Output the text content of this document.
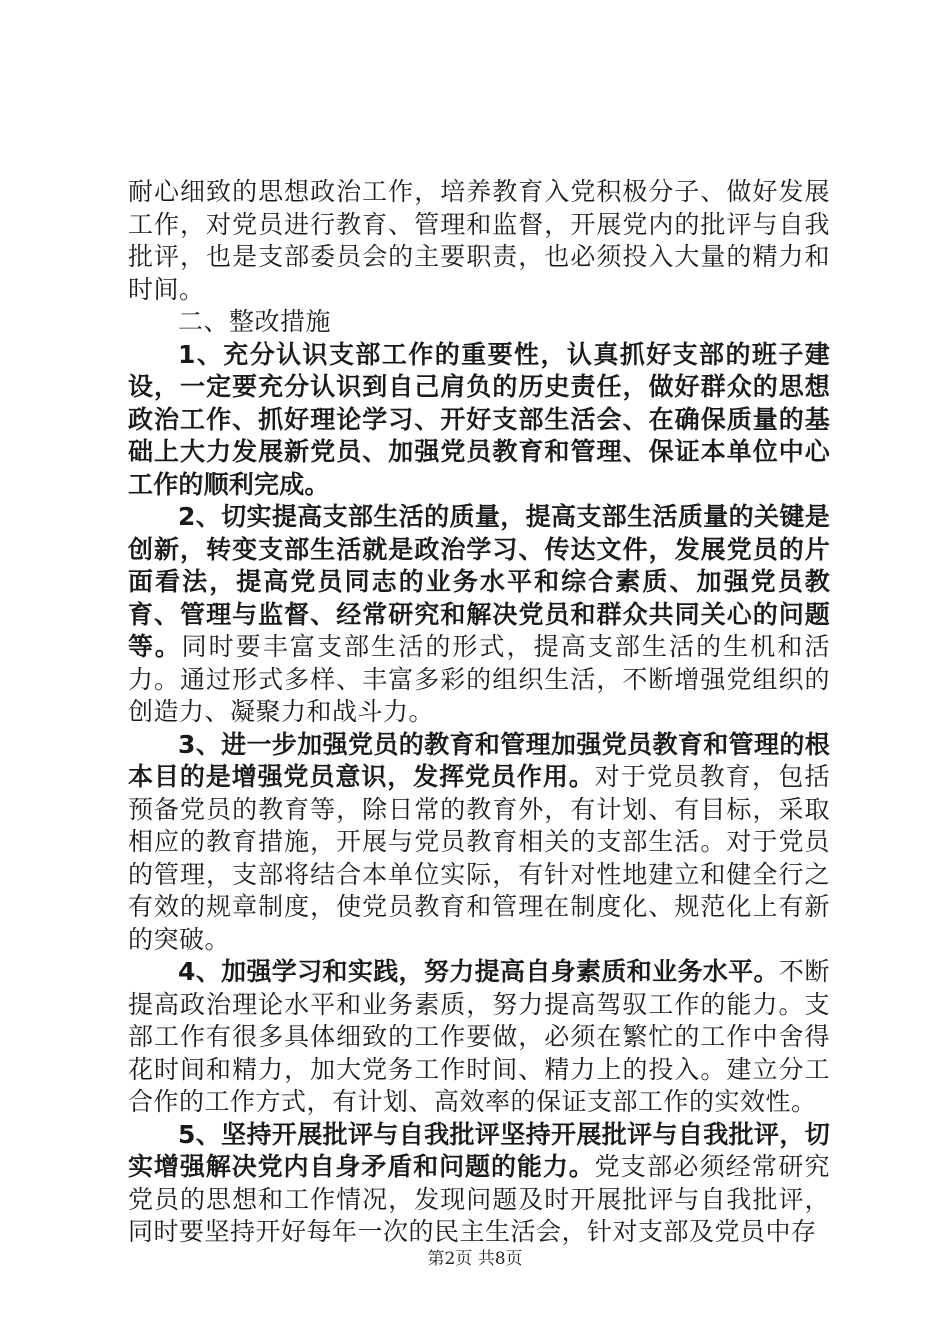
耐心细致的思想政治工作，培养教育入党积极分子、做好发展工作，对党员进行教育、管理和监督，开展党内的批评与自我批评，也是支部委员会的主要职责，也必须投入大量的精力和时间。

二、整改措施

1、充分认识支部工作的重要性，认真抓好支部的班子建设，一定要充分认识到自己肩负的历史责任，做好群众的思想政治工作、抓好理论学习、开好支部生活会、在确保质量的基础上大力发展新党员、加强党员教育和管理、保证本单位中心工作的顺利完成。

2、切实提高支部生活的质量，提高支部生活质量的关键是创新，转变支部生活就是政治学习、传达文件，发展党员的片面看法，提高党员同志的业务水平和综合素质、加强党员教育、管理与监督、经常研究和解决党员和群众共同关心的问题等。同时要丰富支部生活的形式，提高支部生活的生机和活力。通过形式多样、丰富多彩的组织生活，不断增强党组织的创造力、凝聚力和战斗力。

3、进一步加强党员的教育和管理加强党员教育和管理的根本目的是增强党员意识，发挥党员作用。对于党员教育，包括预备党员的教育等，除日常的教育外，有计划、有目标，采取相应的教育措施，开展与党员教育相关的支部生活。对于党员的管理，支部将结合本单位实际，有针对性地建立和健全行之有效的规章制度，使党员教育和管理在制度化、规范化上有新的突破。

4、加强学习和实践，努力提高自身素质和业务水平。不断提高政治理论水平和业务素质，努力提高驾驭工作的能力。支部工作有很多具体细致的工作要做，必须在繁忙的工作中舍得花时间和精力，加大党务工作时间、精力上的投入。建立分工合作的工作方式，有计划、高效率的保证支部工作的实效性。

5、坚持开展批评与自我批评坚持开展批评与自我批评，切实增强解决党内自身矛盾和问题的能力。党支部必须经常研究党员的思想和工作情况，发现问题及时开展批评与自我批评，同时要坚持开好每年一次的民主生活会，针对支部及党员中存

第2页 共8页
